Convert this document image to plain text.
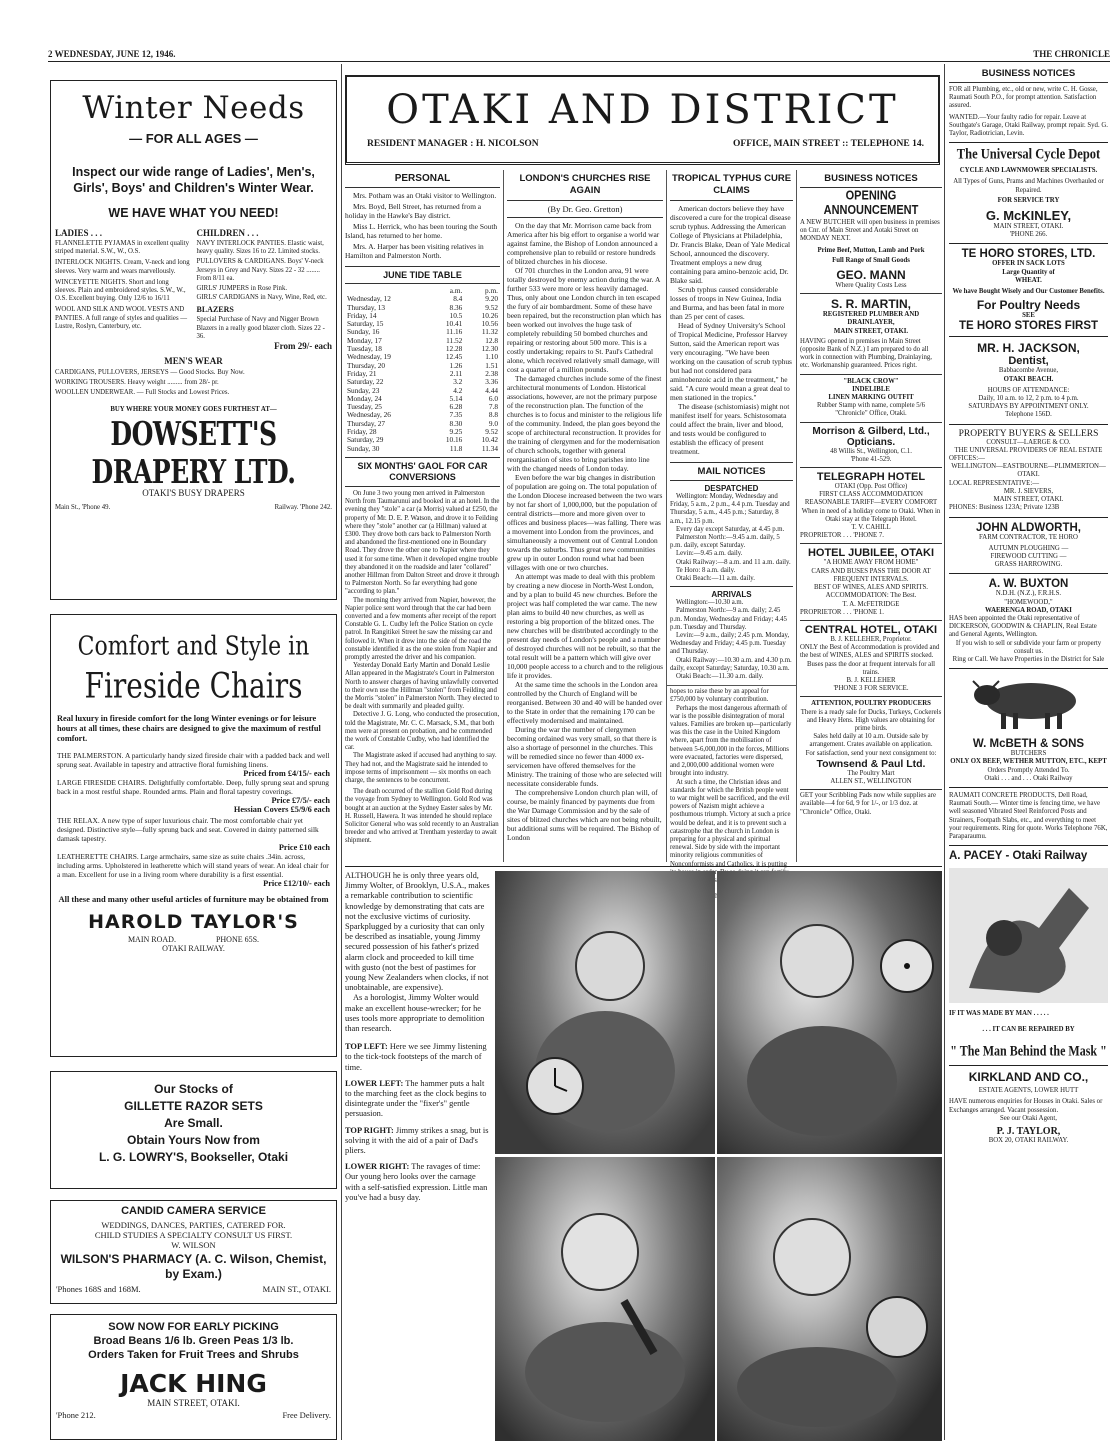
2 WEDNESDAY, JUNE 12, 1946.	THE CHRONICLE
Winter Needs
— FOR ALL AGES —
Inspect our wide range of Ladies', Men's, Girls', Boys' and Children's Winter Wear.
WE HAVE WHAT YOU NEED!
LADIES . . .
FLANNELETTE PYJAMAS in excellent quality striped material. S.W., W., O.S.
INTERLOCK NIGHTS. Cream, V-neck and long sleeves. Very warm and wears marvellously.
WINCEYETTE NIGHTS. Short and long sleeves. Plain and embroidered styles. S.W., W., O.S. Excellent buying. Only 12/6 to 16/11
WOOL AND SILK AND WOOL VESTS AND PANTIES. A full range of styles and qualities — Lustre, Roslyn, Canterbury, etc.
CHILDREN . . .
NAVY INTERLOCK PANTIES. Elastic waist, heavy quality. Sizes 16 to 22. Limited stocks.
PULLOVERS & CARDIGANS. Boys' V-neck Jerseys in Grey and Navy. Sizes 22 - 32 ........ From 8/11 ea.
GIRLS' JUMPERS in Rose Pink.
GIRLS' CARDIGANS in Navy, Wine, Red, etc.
BLAZERS
Special Purchase of Navy and Nigger Brown Blazers in a really good blazer cloth. Sizes 22 - 36.
From 29/- each
MEN'S WEAR
CARDIGANS, PULLOVERS, JERSEYS — Good Stocks. Buy Now.
WORKING TROUSERS. Heavy weight ......... from 28/- pr.
WOOLLEN UNDERWEAR. — Full Stocks and Lowest Prices.
BUY WHERE YOUR MONEY GOES FURTHEST AT—
DOWSETT'S DRAPERY LTD.
OTAKI'S BUSY DRAPERS
Main St., 'Phone 49.	Railway. 'Phone 242.
Comfort and Style in
Fireside Chairs
Real luxury in fireside comfort for the long Winter evenings or for leisure hours at all times, these chairs are designed to give the maximum of restful comfort.
THE PALMERSTON. A particularly handy sized fireside chair with a padded back and well sprung seat. Available in tapestry and attractive floral furnishing linens.
Priced from £4/15/- each
LARGE FIRESIDE CHAIRS. Delightfully comfortable. Deep, fully sprung seat and sprung back in a most restful shape. Rounded arms. Plain and floral tapestry coverings.
Price £7/5/- each
Hessian Covers £5/9/6 each
THE RELAX. A new type of super luxurious chair. The most comfortable chair yet designed. Distinctive style—fully sprung back and seat. Covered in dainty patterned silk damask tapestry.
Price £10 each
LEATHERETTE CHAIRS. Large armchairs, same size as suite chairs .34in. across, including arms. Upholstered in leatherette which will stand years of wear. An ideal chair for a man. Excellent for use in a living room where durability is a first essential.
Price £12/10/- each
All these and many other useful articles of furniture may be obtained from
HAROLD TAYLOR'S
MAIN ROAD.	PHONE 65S.
OTAKI RAILWAY.
Our Stocks of
GILLETTE RAZOR SETS
Are Small.
Obtain Yours Now from
L. G. LOWRY'S, Bookseller, Otaki
CANDID CAMERA SERVICE
WEDDINGS, DANCES, PARTIES, CATERED FOR.
CHILD STUDIES A SPECIALTY CONSULT US FIRST.
W. WILSON
WILSON'S PHARMACY (A. C. Wilson, Chemist, by Exam.)
'Phones 168S and 168M.	MAIN ST., OTAKI.
SOW NOW FOR EARLY PICKING
Broad Beans 1/6 lb. Green Peas 1/3 lb.
Orders Taken for Fruit Trees and Shrubs
JACK HING
MAIN STREET, OTAKI.
'Phone 212.	Free Delivery.
OTAKI AND DISTRICT
RESIDENT MANAGER : H. NICOLSON	OFFICE, MAIN STREET :: TELEPHONE 14.
PERSONAL
Mrs. Potham was an Otaki visitor to Wellington.
Mrs. Boyd, Bell Street, has returned from a holiday in the Hawke's Bay district.
Miss L. Herrick, who has been touring the South Island, has returned to her home.
Mrs. A. Harper has been visiting relatives in Hamilton and Palmerston North.
JUNE TIDE TABLE
	a.m.	p.m.
Wednesday, 12	8.4	9.20
Thursday, 13	8.36	9.52
Friday, 14	10.5	10.26
Saturday, 15	10.41	10.56
Sunday, 16	11.16	11.32
Monday, 17	11.52	12.8
Tuesday, 18	12.28	12.30
Wednesday, 19	12.45	1.10
Thursday, 20	1.26	1.51
Friday, 21	2.11	2.38
Saturday, 22	3.2	3.36
Sunday, 23	4.2	4.44
Monday, 24	5.14	6.0
Tuesday, 25	6.28	7.8
Wednesday, 26	7.35	8.8
Thursday, 27	8.30	9.0
Friday, 28	9.25	9.52
Saturday, 29	10.16	10.42
Sunday, 30	11.8	11.34
SIX MONTHS' GAOL FOR CAR CONVERSIONS
On June 3 two young men arrived in Palmerston North from Taumarunui and booked in at an hotel. In the evening they "stole" a car (a Morris) valued at £250, the property of Mr. D. E. P. Watson, and drove it to Feilding where they "stole" another car (a Hillman) valued at £300. They drove both cars back to Palmerston North and abandoned the first-mentioned one in Boundary Road. They drove the other one to Napier where they used it for some time. When it developed engine trouble they abandoned it on the roadside and later "collared" another Hillman from Dalton Street and drove it through to Palmerston North. So far everything had gone "according to plan."
The morning they arrived from Napier, however, the Napier police sent word through that the car had been converted and a few moments after receipt of the report Constable G. L. Cudby left the Police Station on cycle patrol. In Rangitikei Street he saw the missing car and followed it. When it drew into the side of the road the constable identified it as the one stolen from Napier and promptly arrested the driver and his companion.
Yesterday Donald Early Martin and Donald Leslie Allan appeared in the Magistrate's Court in Palmerston North to answer charges of having unlawfully converted to their own use the Hillman "stolen" from Feilding and the Morris "stolen" in Palmerston North. They elected to be dealt with summarily and pleaded guilty.
Detective J. G. Long, who conducted the prosecution, told the Magistrate, Mr. C. C. Marsack, S.M., that both men were at present on probation, and he commended the work of Constable Cudby, who had identified the car.
The Magistrate asked if accused had anything to say. They had not, and the Magistrate said he intended to impose terms of imprisonment — six months on each charge, the sentences to be concurrent.
The death occurred of the stallion Gold Rod during the voyage from Sydney to Wellington. Gold Rod was bought at an auction at the Sydney Easter sales by Mr. H. Russell, Hawera. It was intended he should replace Solicitor General who was sold recently to an Australian breeder and who arrived at Trentham yesterday to await shipment.
LONDON'S CHURCHES RISE AGAIN
(By Dr. Geo. Gretton)
On the day that Mr. Morrison came back from America after his big effort to organise a world war against famine, the Bishop of London announced a comprehensive plan to rebuild or restore hundreds of blitzed churches in his diocese.
Of 701 churches in the London area, 91 were totally destroyed by enemy action during the war. A further 533 were more or less heavily damaged. Thus, only about one London church in ten escaped the fury of air bombardment. Some of these have been repaired, but the reconstruction plan which has been worked out involves the huge task of completely rebuilding 50 bombed churches and repairing or restoring about 500 more. This is a costly undertaking; repairs to St. Paul's Cathedral alone, which received relatively small damage, will cost a quarter of a million pounds.
The damaged churches include some of the finest architectural monuments of London. Historical associations, however, are not the primary purpose of the reconstruction plan. The function of the churches is to focus and minister to the religious life of the community. Indeed, the plan goes beyond the scope of architectural reconstruction. It provides for the training of clergymen and for the modernisation of church schools, together with general reorganisation of sites to bring parishes into line with the changed needs of London today.
Even before the war big changes in distribution of population are going on. The total population of the London Diocese increased between the two wars by not far short of 1,000,000, but the population of central districts—more and more given over to offices and business places—was falling. There was a movement into London from the provinces, and simultaneously a movement out of Central London towards the suburbs. Thus great new communities grew up in outer London round what had been villages with one or two churches.
An attempt was made to deal with this problem by creating a new diocese in North-West London, and by a plan to build 45 new churches. Before the project was half completed the war came. The new plan aims to build 40 new churches, as well as restoring a big proportion of the blitzed ones. The new churches will be distributed accordingly to the present day needs of London's people and a number of destroyed churches will not be rebuilt, so that the total result will be a pattern which will give over 10,000 people access to a church and to the religious life it provides.
At the same time the schools in the London area controlled by the Church of England will be reorganised. Between 30 and 40 will be handed over to the State in order that the remaining 170 can be effectively modernised and maintained.
During the war the number of clergymen becoming ordained was very small, so that there is also a shortage of personnel in the churches. This will be remedied since no fewer than 4000 ex-servicemen have offered themselves for the Ministry. The training of those who are selected will necessitate considerable funds.
The comprehensive London church plan will, of course, be mainly financed by payments due from the War Damage Commission and by the sale of sites of blitzed churches which are not being rebuilt, but additional sums will be required. The Bishop of London
TROPICAL TYPHUS CURE CLAIMS
American doctors believe they have discovered a cure for the tropical disease scrub typhus. Addressing the American College of Physicians at Philadelphia, Dr. Francis Blake, Dean of Yale Medical School, announced the discovery. Treatment employs a new drug containing para amino-benzoic acid, Dr. Blake said.
Scrub typhus caused considerable losses of troops in New Guinea, India and Burma, and has been fatal in more than 25 per cent of cases.
Head of Sydney University's School of Tropical Medicine, Professor Harvey Sutton, said the American report was very encouraging. "We have been working on the causation of scrub typhus but had not considered para aminobenzoic acid in the treatment," he said. "A cure would mean a great deal to men stationed in the tropics."
The disease (schistomiasis) might not manifest itself for years. Schistosomata could affect the brain, liver and blood, and tests would be configured to establish the efficacy of present treatment.
MAIL NOTICES
DESPATCHED
Wellington: Monday, Wednesday and Friday, 5 a.m., 2 p.m., 4.4 p.m. Tuesday and Thursday, 5 a.m., 4.45 p.m.; Saturday, 8 a.m., 12.15 p.m.
Every day except Saturday, at 4.45 p.m.
Palmerston North:—9.45 a.m. daily, 5 p.m. daily, except Saturday.
Levin:—9.45 a.m. daily.
Otaki Railway:—8 a.m. and 11 a.m. daily.
Te Horo: 8 a.m. daily.
Otaki Beach:—11 a.m. daily.
ARRIVALS
Wellington:—10.30 a.m.
Palmerston North:—9 a.m. daily; 2.45 p.m. Monday, Wednesday and Friday; 4.45 p.m. Tuesday and Thursday.
Levin:—9 a.m., daily; 2.45 p.m. Monday, Wednesday and Friday; 4.45 p.m. Tuesday and Thursday.
Otaki Railway:—10.30 a.m. and 4.30 p.m. daily, except Saturday; Saturday, 10.30 a.m.
Otaki Beach:—11.30 a.m. daily.
hopes to raise these by an appeal for £750,000 by voluntary contribution.
Perhaps the most dangerous aftermath of war is the possible disintegration of moral values. Families are broken up—particularly was this the case in the United Kingdom where, apart from the mobilisation of between 5-6,000,000 in the forces, Millions were evacuated, factories were dispersed, and 2,000,000 additional women were brought into industry.
At such a time, the Christian ideas and standards for which the British people went to war might well be sacrificed, and the evil powers of Nazism might achieve a posthumous triumph. Victory at such a price would be defeat, and it is to prevent such a catastrophe that the church in London is preparing for a physical and spiritual renewal. Side by side with the important minority religious communities of Nonconformists and Catholics, it is putting
BUSINESS NOTICES
OPENING ANNOUNCEMENT
A NEW BUTCHER will open business in premises on Cnr. of Main Street and Aotaki Street on MONDAY NEXT.
Prime Beef, Mutton, Lamb and Pork
Full Range of Small Goods
GEO. MANN
Where Quality Costs Less
S. R. MARTIN,
REGISTERED PLUMBER AND DRAINLAYER,
MAIN STREET, OTAKI.
HAVING opened in premises in Main Street (opposite Bank of N.Z.) I am prepared to do all work in connection with Plumbing, Drainlaying, etc. Workmanship guaranteed. Prices right.
"BLACK CROW"
INDELIBLE
LINEN MARKING OUTFIT
Rubber Stamp with name, complete 5/6
"Chronicle" Office, Otaki.
Morrison & Gilberd, Ltd.,
Opticians.
48 Willis St., Wellington, C.1.
'Phone 41-529.
TELEGRAPH HOTEL
OTAKI (Opp. Post Office)
FIRST CLASS ACCOMMODATION
REASONABLE TARIFF—EVERY COMFORT
When in need of a holiday come to Otaki. When in Otaki stay at the Telegraph Hotel.
T. V. CAHILL
PROPRIETOR . . . 'PHONE 7.
HOTEL JUBILEE, OTAKI
"A HOME AWAY FROM HOME"
CARS AND BUSES PASS THE DOOR AT FREQUENT INTERVALS.
BEST OF WINES, ALES AND SPIRITS.
ACCOMMODATION: The Best.
T. A. McFETRIDGE
PROPRIETOR . . . 'PHONE 1.
CENTRAL HOTEL, OTAKI
B. J. KELLEHER, Proprietor.
ONLY the Best of Accommodation is provided and the best of WINES, ALES and SPIRITS stocked.
Buses pass the door at frequent intervals for all trains.
B. J. KELLEHER
'PHONE 3 FOR SERVICE.
ATTENTION, POULTRY PRODUCERS
There is a ready sale for Ducks, Turkeys, Cockerels and Heavy Hens. High values are obtaining for prime birds.
Sales held daily at 10 a.m. Outside sale by arrangement. Crates available on application.
For satisfaction, send your next consignment to:
Townsend & Paul Ltd.
The Poultry Mart
ALLEN ST., WELLINGTON
GET your Scribbling Pads now while supplies are available—4 for 6d, 9 for 1/-, or 1/3 doz. at "Chronicle" Office, Otaki.
ALTHOUGH he is only three years old, Jimmy Wolter, of Brooklyn, U.S.A., makes a remarkable contribution to scientific knowledge by demonstrating that cats are not the exclusive victims of curiosity. Sparkplugged by a curiosity that can only be described as insatiable, young Jimmy secured possession of his father's prized alarm clock and proceeded to kill time with gusto (not the best of pastimes for young New Zealanders when clocks, if not unobtainable, are expensive).
As a horologist, Jimmy Wolter would make an excellent house-wrecker; for he uses tools more appropriate to demolition than research.
TOP LEFT: Here we see Jimmy listening to the tick-tock footsteps of the march of time.
LOWER LEFT: The hammer puts a halt to the marching feet as the clock begins to disintegrate under the "fixer's" gentle persuasion.
TOP RIGHT: Jimmy strikes a snag, but is solving it with the aid of a pair of Dad's pliers.
LOWER RIGHT: The ravages of time: Our young hero looks over the carnage with a self-satisfied expression. Little man you've had a busy day.
BUSINESS NOTICES
FOR all Plumbing, etc., old or new, write C. H. Gosse, Raumati South P.O., for prompt attention. Satisfaction assured.
WANTED.—Your faulty radio for repair. Leave at Southgate's Garage, Otaki Railway, prompt repair. Syd. G. Taylor, Radiotrician, Levin.
The Universal Cycle Depot
CYCLE AND LAWNMOWER SPECIALISTS.
All Types of Guns, Prams and Machines Overhauled or Repaired.
FOR SERVICE TRY
G. McKINLEY,
MAIN STREET, OTAKI.
'PHONE 266.
TE HORO STORES, LTD.
OFFER IN SACK LOTS
Large Quantity of
WHEAT.
We have Bought Wisely and Our Customer Benefits.
For Poultry Needs
SEE
TE HORO STORES FIRST
MR. H. JACKSON,
Dentist,
Babbacombe Avenue,
OTAKI BEACH.
HOURS OF ATTENDANCE:
Daily, 10 a.m. to 12, 2 p.m. to 4 p.m.
SATURDAYS BY APPOINTMENT ONLY.
Telephone 156D.
PROPERTY BUYERS & SELLERS
CONSULT—LAERGE & CO.
THE UNIVERSAL PROVIDERS OF REAL ESTATE
OFFICES:—
WELLINGTON—EASTBOURNE—PLIMMERTON—OTAKI.
LOCAL REPRESENTATIVE:—
MR. J. SIEVERS,
MAIN STREET, OTAKI.
PHONES: Business 123A; Private 123B
JOHN ALDWORTH,
FARM CONTRACTOR, TE HORO
AUTUMN PLOUGHING —
FIREWOOD CUTTING —
GRASS HARROWING.
A. W. BUXTON
N.D.H. (N.Z.), F.R.H.S.
"HOMEWOOD,"
WAERENGA ROAD, OTAKI
HAS been appointed the Otaki representative of DICKERSON, GOODWIN & CHAPLIN, Real Estate and General Agents, Wellington.
If you wish to sell or subdivide your farm or property consult us.
Ring or Call. We have Properties in the District for Sale
W. McBETH & SONS
BUTCHERS
ONLY OX BEEF, WETHER MUTTON, ETC., KEPT
Orders Promptly Attended To.
Otaki . . . and . . . Otaki Railway
RAUMATI CONCRETE PRODUCTS, Dell Road, Raumati South.— Winter time is fencing time, we have well seasoned Vibrated Steel Reinforced Posts and Strainers, Footpath Slabs, etc., and everything to meet your requirements. Ring for quote. Works Telephone 76K, Paraparaumu.
A. PACEY - Otaki Railway
IF IT WAS MADE BY MAN . . . . .
. . . IT CAN BE REPAIRED BY
" The Man Behind the Mask "
KIRKLAND AND CO.,
ESTATE AGENTS, LOWER HUTT
HAVE numerous enquiries for Houses in Otaki. Sales or Exchanges arranged. Vacant possession.
See our Otaki Agent,
P. J. TAYLOR,
BOX 20, OTAKI RAILWAY.
